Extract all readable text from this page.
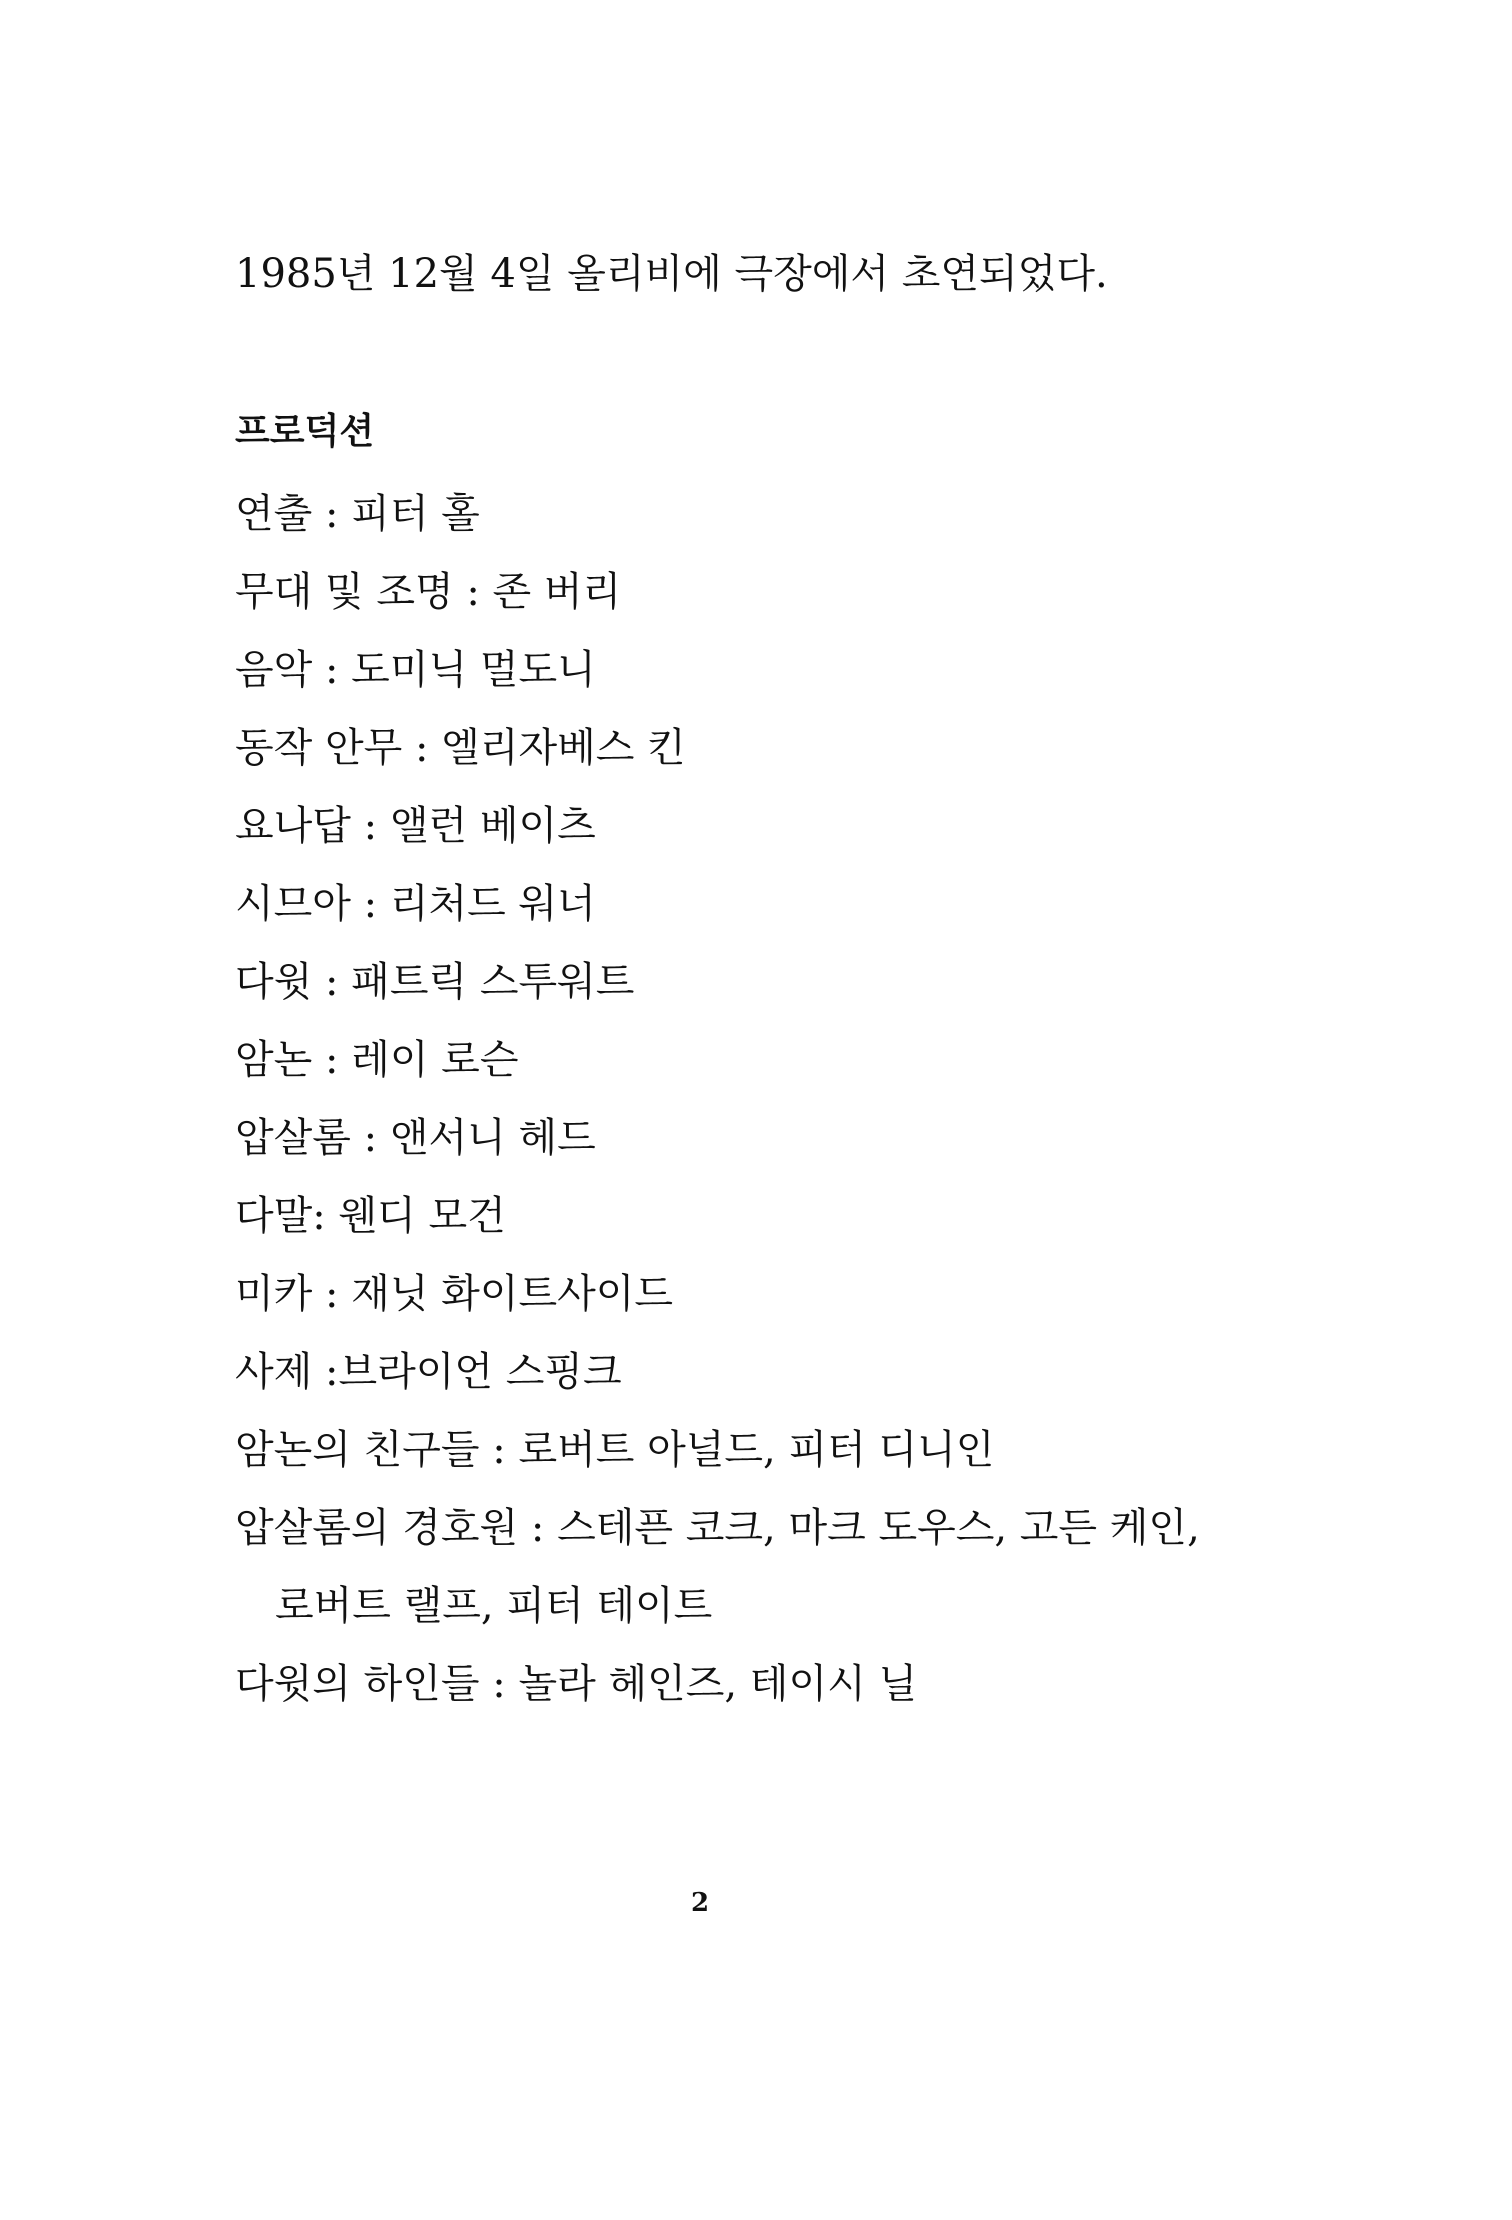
1985년 12월 4일 올리비에 극장에서 초연되었다.
프로덕션
연출 : 피터 홀
무대 및 조명 : 존 버리
음악 : 도미닉 멀도니
동작 안무 : 엘리자베스 킨
요나답 : 앨런 베이츠
시므아 : 리처드 워너
다윗 : 패트릭 스투워트
암논 : 레이 로슨
압살롬 : 앤서니 헤드
다말: 웬디 모건
미카 : 재닛 화이트사이드
사제 :브라이언 스핑크
암논의 친구들 : 로버트 아널드, 피터 디니인
압살롬의 경호원 : 스테픈 코크, 마크 도우스, 고든 케인,
로버트 랠프, 피터 테이트
다윗의 하인들 : 놀라 헤인즈, 테이시 닐
2
